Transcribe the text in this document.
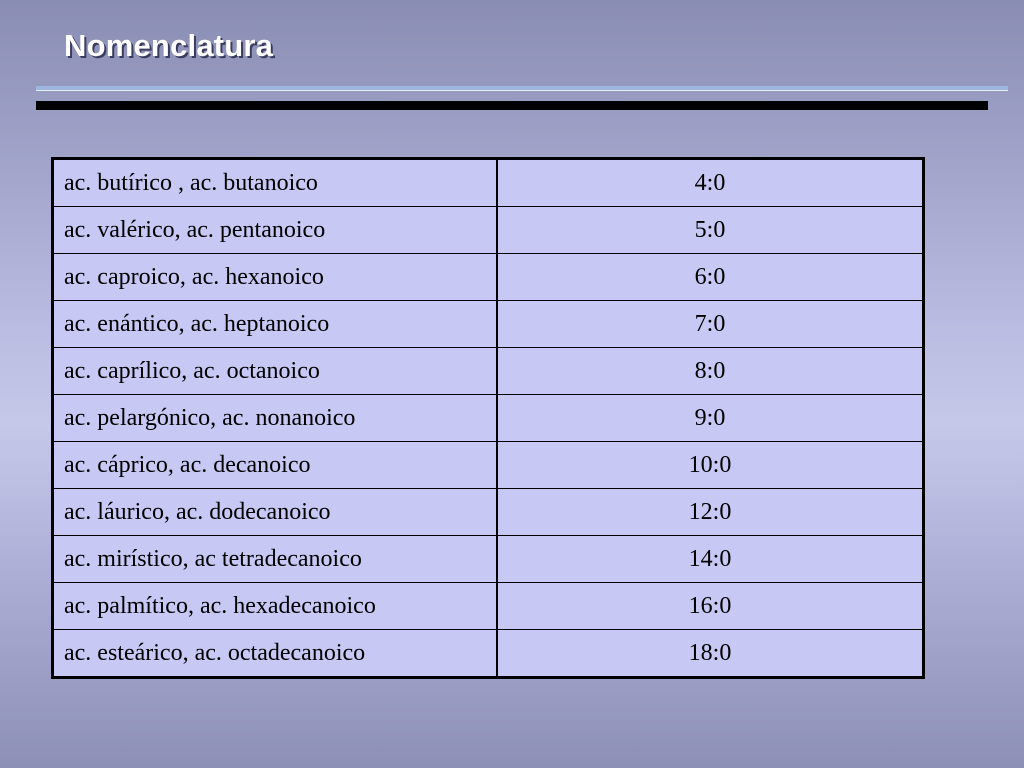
Nomenclatura
ac. butírico , ac. butanoico	4:0
ac. valérico, ac. pentanoico	5:0
ac. caproico, ac. hexanoico	6:0
ac. enántico, ac. heptanoico	7:0
ac. caprílico, ac. octanoico	8:0
ac. pelargónico, ac. nonanoico	9:0
ac. cáprico, ac. decanoico	10:0
ac. láurico, ac. dodecanoico	12:0
ac. mirístico, ac tetradecanoico	14:0
ac. palmítico, ac. hexadecanoico	16:0
ac. esteárico, ac. octadecanoico	18:0
